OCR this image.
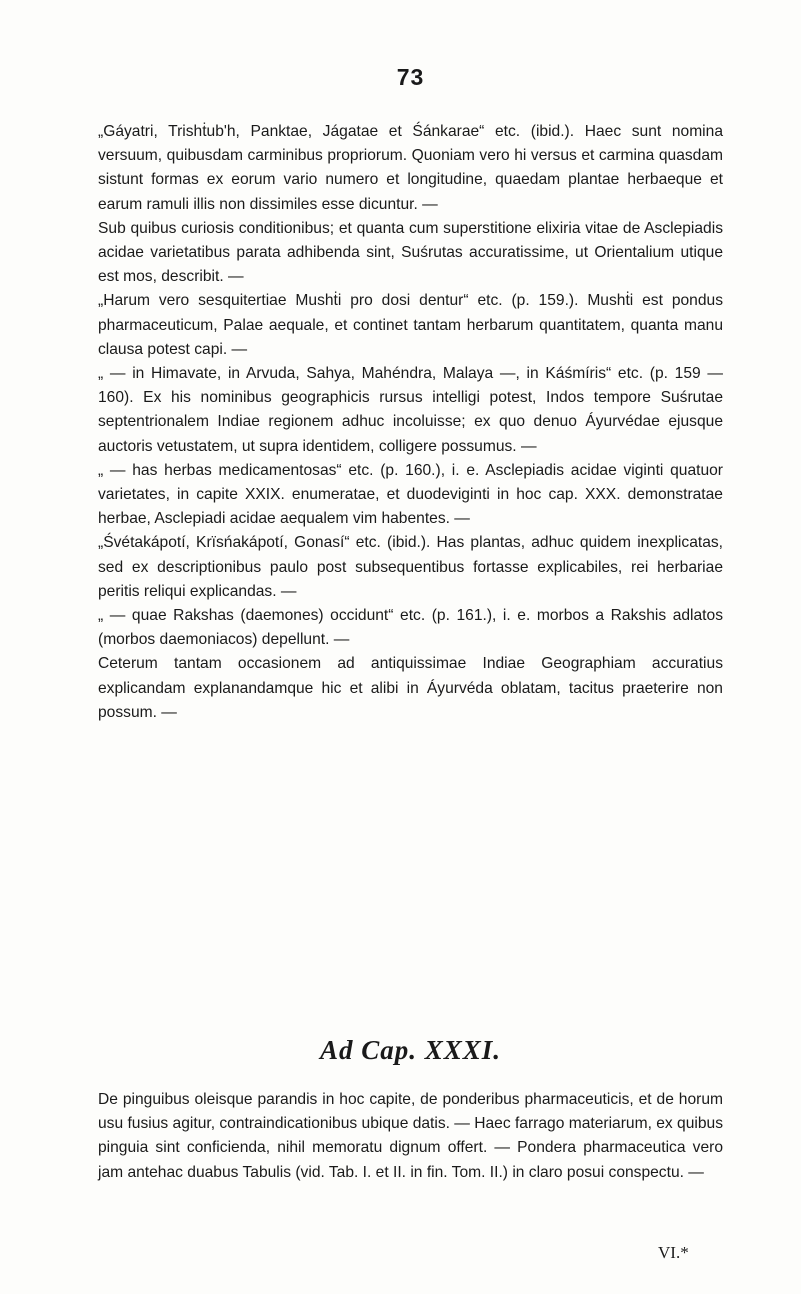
73

„Gáyatri, Trishṫub'h, Panktae, Jágatae et Śánkarae“ etc. (ibid.). Haec sunt nomina versuum, quibusdam carminibus propriorum. Quoniam vero hi versus et carmina quasdam sistunt formas ex eorum vario numero et longitudine, quaedam plantae herbaeque et earum ramuli illis non dissimiles esse dicuntur. —

Sub quibus curiosis conditionibus; et quanta cum superstitione elixiria vitae de Asclepiadis acidae varietatibus parata adhibenda sint, Suśrutas accuratissime, ut Orientalium utique est mos, describit. —

„Harum vero sesquitertiae Mushṫi pro dosi dentur“ etc. (p. 159.). Mushṫi est pondus pharmaceuticum, Palae aequale, et continet tantam herbarum quantitatem, quanta manu clausa potest capi. —

„ — in Himavate, in Arvuda, Sahya, Mahéndra, Malaya —, in Káśmíris“ etc. (p. 159 — 160). Ex his nominibus geographicis rursus intelligi potest, Indos tempore Suśrutae septentrionalem Indiae regionem adhuc incoluisse; ex quo denuo Áyurvédae ejusque auctoris vetustatem, ut supra identidem, colligere possumus. —

„ — has herbas medicamentosas“ etc. (p. 160.), i. e. Asclepiadis acidae viginti quatuor varietates, in capite XXIX. enumeratae, et duodeviginti in hoc cap. XXX. demonstratae herbae, Asclepiadi acidae aequalem vim habentes. —

„Śvétakápotí, Krïsńakápotí, Gonasí“ etc. (ibid.). Has plantas, adhuc quidem inexplicatas, sed ex descriptionibus paulo post subsequentibus fortasse explicabiles, rei herbariae peritis reliqui explicandas. —

„ — quae Rakshas (daemones) occidunt“ etc. (p. 161.), i. e. morbos a Rakshis adlatos (morbos daemoniacos) depellunt. —

Ceterum tantam occasionem ad antiquissimae Indiae Geographiam accuratius explicandam explanandamque hic et alibi in Áyurvéda oblatam, tacitus praeterire non possum. —

Ad Cap. XXXI.

De pinguibus oleisque parandis in hoc capite, de ponderibus pharmaceuticis, et de horum usu fusius agitur, contraindicationibus ubique datis. — Haec farrago materiarum, ex quibus pinguia sint conficienda, nihil memoratu dignum offert. — Pondera pharmaceutica vero jam antehac duabus Tabulis (vid. Tab. I. et II. in fin. Tom. II.) in claro posui conspectu. —

VI.*
